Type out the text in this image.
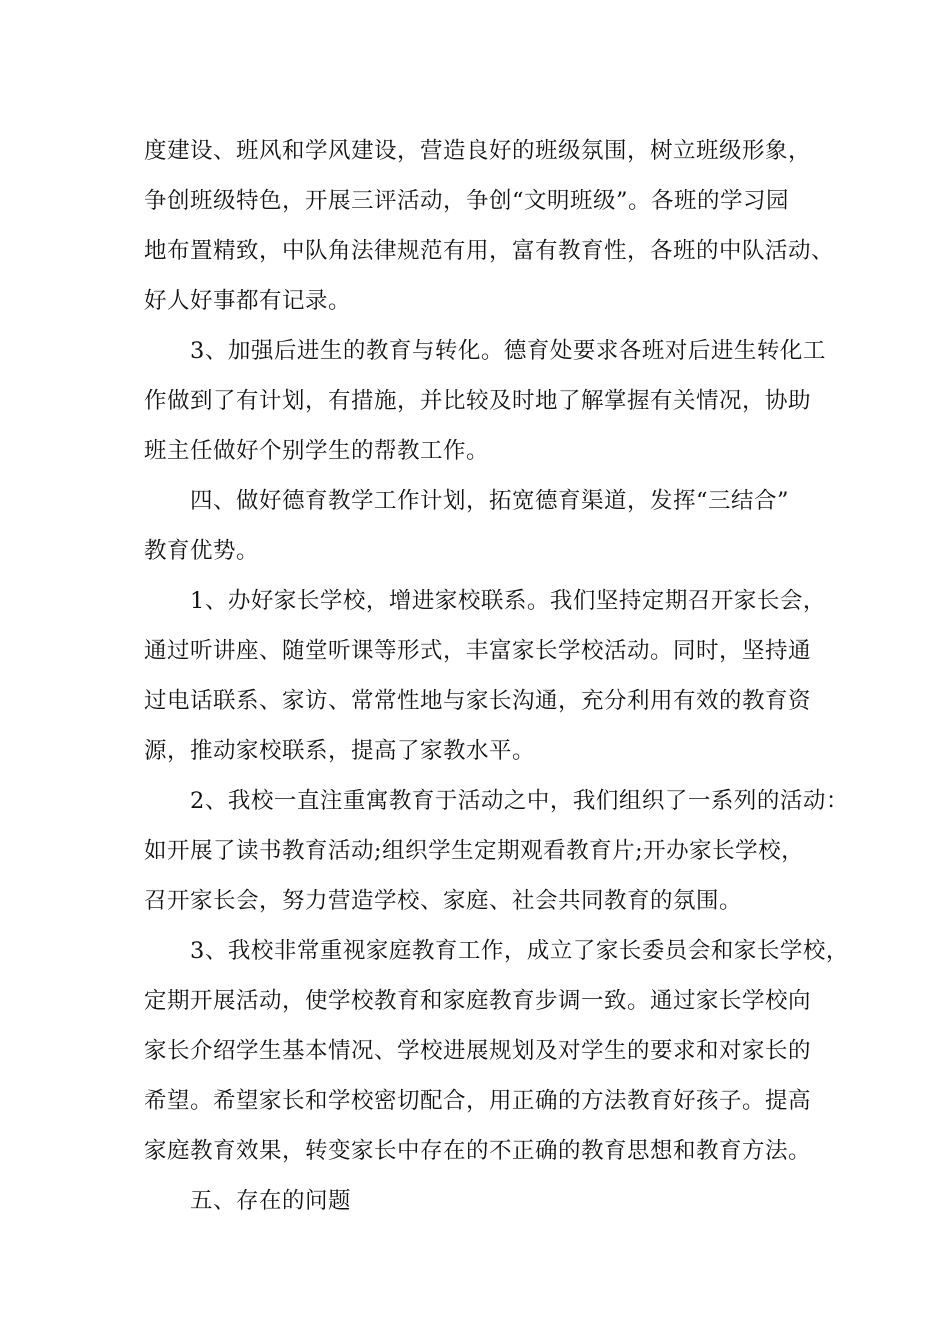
度建设、班风和学风建设，营造良好的班级氛围，树立班级形象，
争创班级特色，开展三评活动，争创“文明班级”。各班的学习园
地布置精致，中队角法律规范有用，富有教育性，各班的中队活动、
好人好事都有记录。
3、加强后进生的教育与转化。德育处要求各班对后进生转化工
作做到了有计划，有措施，并比较及时地了解掌握有关情况，协助
班主任做好个别学生的帮教工作。
四、做好德育教学工作计划，拓宽德育渠道，发挥“三结合”
教育优势。
1、办好家长学校，增进家校联系。我们坚持定期召开家长会，
通过听讲座、随堂听课等形式，丰富家长学校活动。同时，坚持通
过电话联系、家访、常常性地与家长沟通，充分利用有效的教育资
源，推动家校联系，提高了家教水平。
2、我校一直注重寓教育于活动之中，我们组织了一系列的活动：
如开展了读书教育活动;组织学生定期观看教育片;开办家长学校，
召开家长会，努力营造学校、家庭、社会共同教育的氛围。
3、我校非常重视家庭教育工作，成立了家长委员会和家长学校，
定期开展活动，使学校教育和家庭教育步调一致。通过家长学校向
家长介绍学生基本情况、学校进展规划及对学生的要求和对家长的
希望。希望家长和学校密切配合，用正确的方法教育好孩子。提高
家庭教育效果，转变家长中存在的不正确的教育思想和教育方法。
五、存在的问题
